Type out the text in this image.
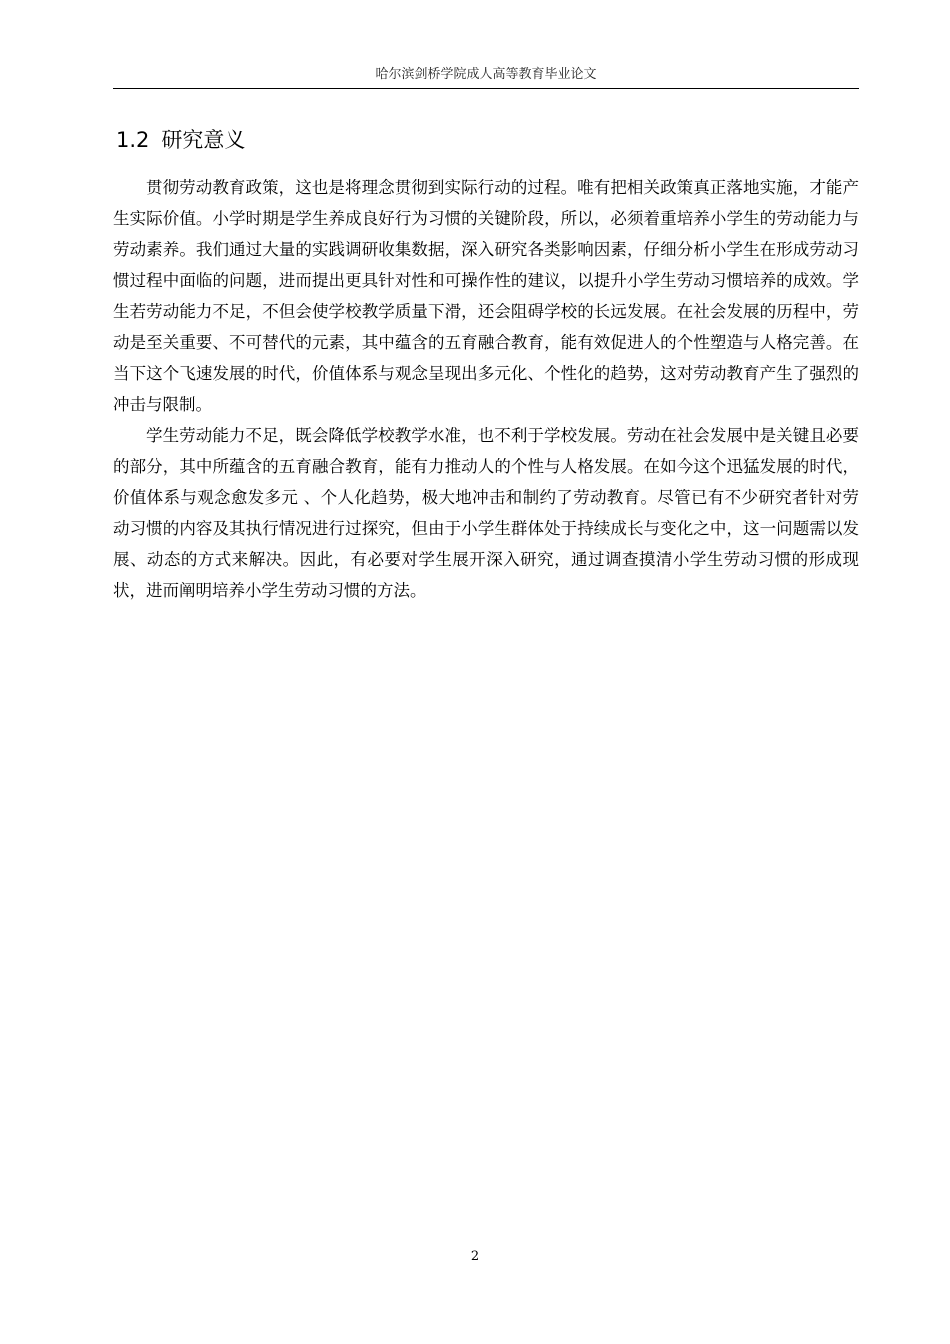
哈尔滨剑桥学院成人高等教育毕业论文
1.2 研究意义

贯彻劳动教育政策，这也是将理念贯彻到实际行动的过程。唯有把相关政策真正落地实施，才能产生实际价值。小学时期是学生养成良好行为习惯的关键阶段，所以，必须着重培养小学生的劳动能力与劳动素养。我们通过大量的实践调研收集数据，深入研究各类影响因素，仔细分析小学生在形成劳动习惯过程中面临的问题，进而提出更具针对性和可操作性的建议，以提升小学生劳动习惯培养的成效。学生若劳动能力不足，不但会使学校教学质量下滑，还会阻碍学校的长远发展。在社会发展的历程中，劳动是至关重要、不可替代的元素，其中蕴含的五育融合教育，能有效促进人的个性塑造与人格完善。在当下这个飞速发展的时代，价值体系与观念呈现出多元化、个性化的趋势，这对劳动教育产生了强烈的冲击与限制。

学生劳动能力不足，既会降低学校教学水准，也不利于学校发展。劳动在社会发展中是关键且必要的部分，其中所蕴含的五育融合教育，能有力推动人的个性与人格发展。在如今这个迅猛发展的时代，价值体系与观念愈发多元 、个人化趋势，极大地冲击和制约了劳动教育。尽管已有不少研究者针对劳动习惯的内容及其执行情况进行过探究，但由于小学生群体处于持续成长与变化之中，这一问题需以发展、动态的方式来解决。因此，有必要对学生展开深入研究，通过调查摸清小学生劳动习惯的形成现状，进而阐明培养小学生劳动习惯的方法。

2
